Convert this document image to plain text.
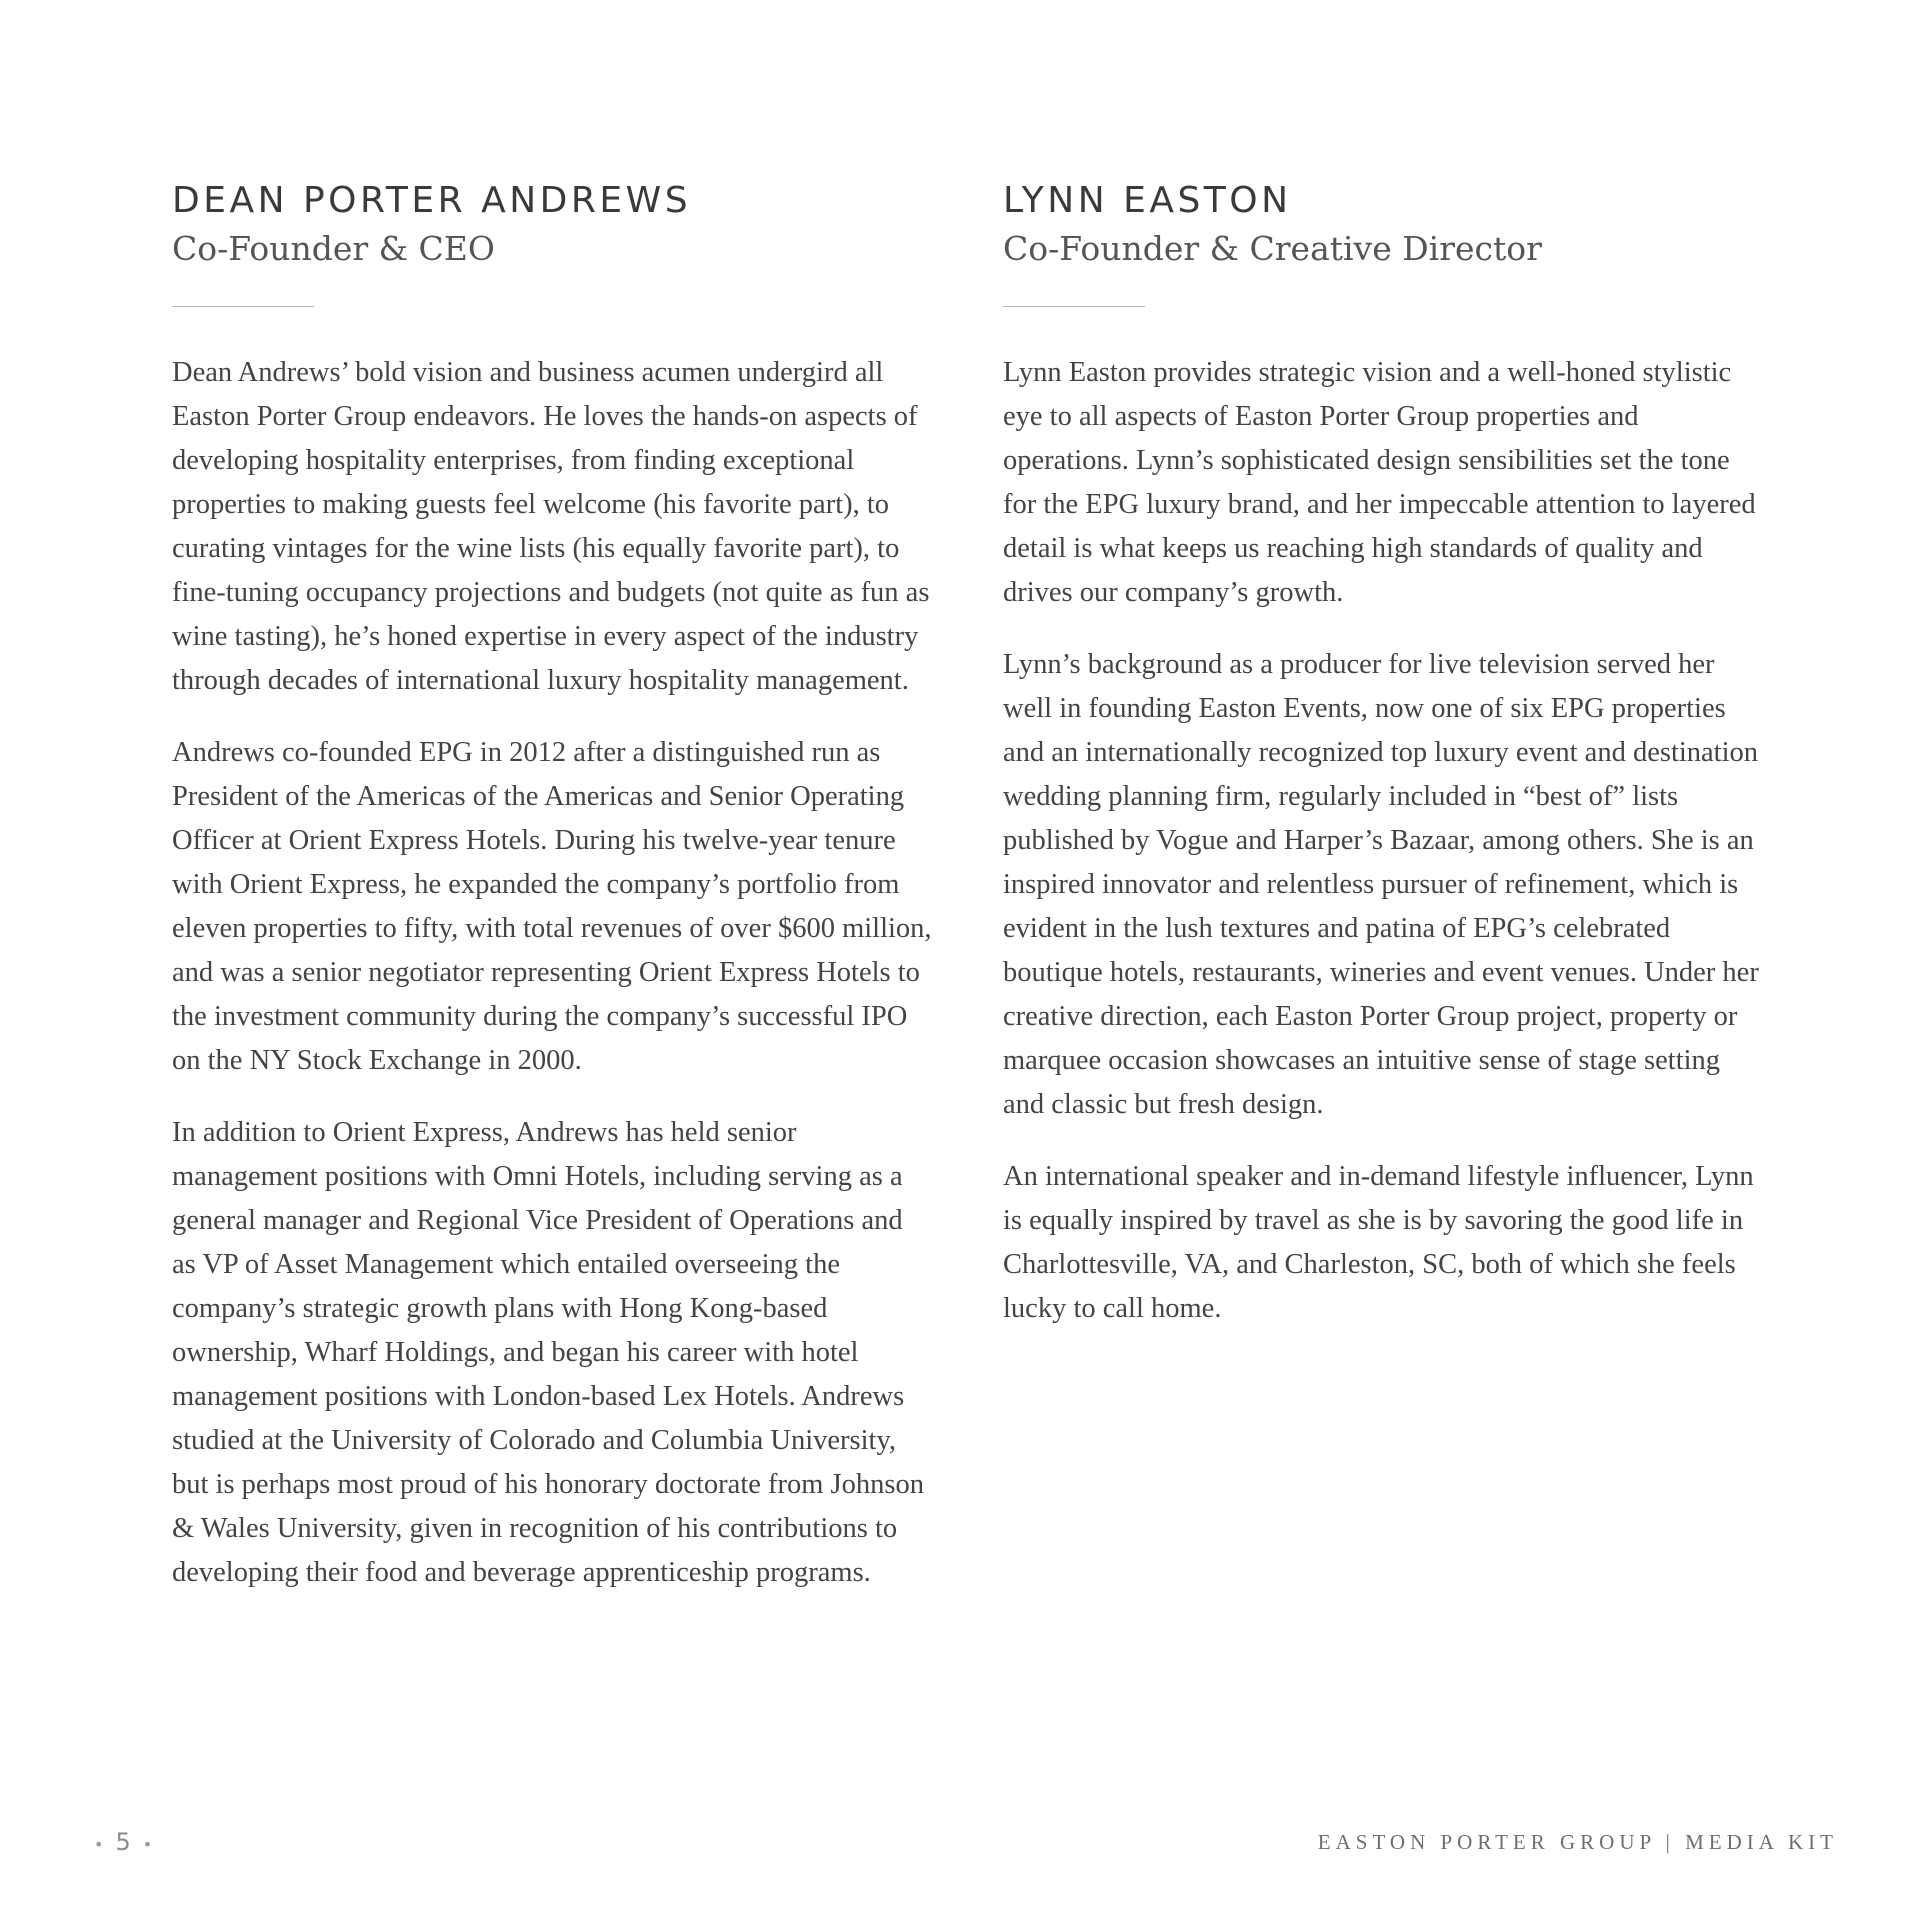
DEAN PORTER ANDREWS
Co-Founder & CEO

Dean Andrews’ bold vision and business acumen undergird all Easton Porter Group endeavors. He loves the hands-on aspects of developing hospitality enterprises, from finding exceptional properties to making guests feel welcome (his favorite part), to curating vintages for the wine lists (his equally favorite part), to fine-tuning occupancy projections and budgets (not quite as fun as wine tasting), he’s honed expertise in every aspect of the industry through decades of international luxury hospitality management.

Andrews co-founded EPG in 2012 after a distinguished run as President of the Americas of the Americas and Senior Operating Officer at Orient Express Hotels. During his twelve-year tenure with Orient Express, he expanded the company’s portfolio from eleven properties to fifty, with total revenues of over $600 million, and was a senior negotiator representing Orient Express Hotels to the investment community during the company’s successful IPO on the NY Stock Exchange in 2000.

In addition to Orient Express, Andrews has held senior management positions with Omni Hotels, including serving as a general manager and Regional Vice President of Operations and as VP of Asset Management which entailed overseeing the company’s strategic growth plans with Hong Kong-based ownership, Wharf Holdings, and began his career with hotel management positions with London-based Lex Hotels. Andrews studied at the University of Colorado and Columbia University, but is perhaps most proud of his honorary doctorate from Johnson & Wales University, given in recognition of his contributions to developing their food and beverage apprenticeship programs.

LYNN EASTON
Co-Founder & Creative Director

Lynn Easton provides strategic vision and a well-honed stylistic eye to all aspects of Easton Porter Group properties and operations. Lynn’s sophisticated design sensibilities set the tone for the EPG luxury brand, and her impeccable attention to layered detail is what keeps us reaching high standards of quality and drives our company’s growth.

Lynn’s background as a producer for live television served her well in founding Easton Events, now one of six EPG properties and an internationally recognized top luxury event and destination wedding planning firm, regularly included in “best of” lists published by Vogue and Harper’s Bazaar, among others. She is an inspired innovator and relentless pursuer of refinement, which is evident in the lush textures and patina of EPG’s celebrated boutique hotels, restaurants, wineries and event venues. Under her creative direction, each Easton Porter Group project, property or marquee occasion showcases an intuitive sense of stage setting and classic but fresh design.

An international speaker and in-demand lifestyle influencer, Lynn is equally inspired by travel as she is by savoring the good life in Charlottesville, VA, and Charleston, SC, both of which she feels lucky to call home.

• 5 •	EASTON PORTER GROUP | MEDIA KIT
